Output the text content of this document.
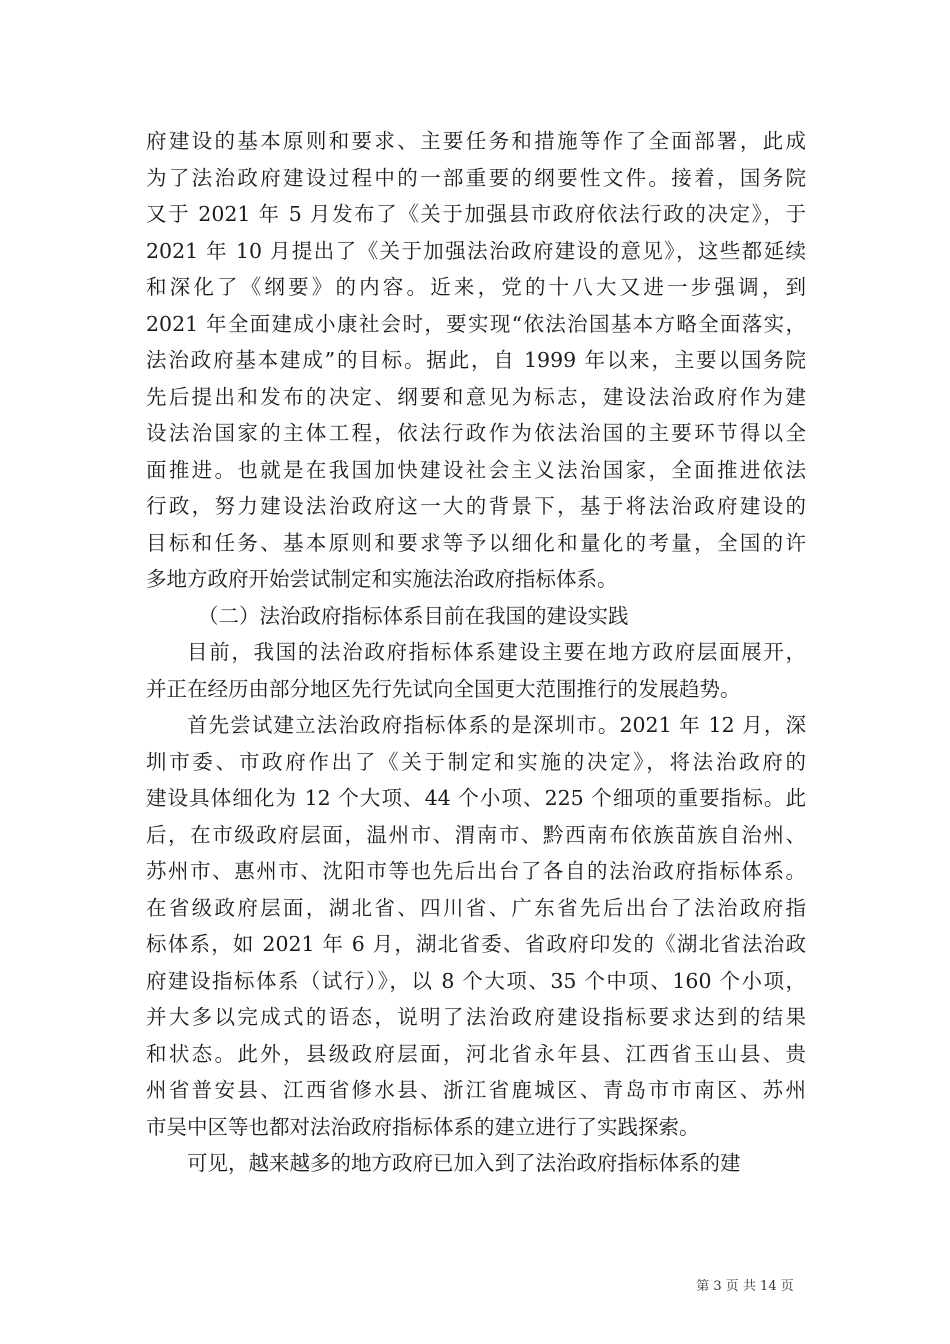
府建设的基本原则和要求、主要任务和措施等作了全面部署，此成
为了法治政府建设过程中的一部重要的纲要性文件。接着，国务院
又于 2021 年 5 月发布了《关于加强县市政府依法行政的决定》，于
2021 年 10 月提出了《关于加强法治政府建设的意见》，这些都延续
和深化了《纲要》的内容。近来，党的十八大又进一步强调，到
2021 年全面建成小康社会时，要实现“依法治国基本方略全面落实，
法治政府基本建成”的目标。据此，自 1999 年以来，主要以国务院
先后提出和发布的决定、纲要和意见为标志，建设法治政府作为建
设法治国家的主体工程，依法行政作为依法治国的主要环节得以全
面推进。也就是在我国加快建设社会主义法治国家，全面推进依法
行政，努力建设法治政府这一大的背景下，基于将法治政府建设的
目标和任务、基本原则和要求等予以细化和量化的考量，全国的许
多地方政府开始尝试制定和实施法治政府指标体系。
（二）法治政府指标体系目前在我国的建设实践
目前，我国的法治政府指标体系建设主要在地方政府层面展开，
并正在经历由部分地区先行先试向全国更大范围推行的发展趋势。
首先尝试建立法治政府指标体系的是深圳市。2021 年 12 月，深
圳市委、市政府作出了《关于制定和实施的决定》，将法治政府的
建设具体细化为 12 个大项、44 个小项、225 个细项的重要指标。此
后，在市级政府层面，温州市、渭南市、黔西南布依族苗族自治州、
苏州市、惠州市、沈阳市等也先后出台了各自的法治政府指标体系。
在省级政府层面，湖北省、四川省、广东省先后出台了法治政府指
标体系，如 2021 年 6 月，湖北省委、省政府印发的《湖北省法治政
府建设指标体系（试行）》，以 8 个大项、35 个中项、160 个小项，
并大多以完成式的语态，说明了法治政府建设指标要求达到的结果
和状态。此外，县级政府层面，河北省永年县、江西省玉山县、贵
州省普安县、江西省修水县、浙江省鹿城区、青岛市市南区、苏州
市吴中区等也都对法治政府指标体系的建立进行了实践探索。
可见，越来越多的地方政府已加入到了法治政府指标体系的建
第 3 页 共 14 页
